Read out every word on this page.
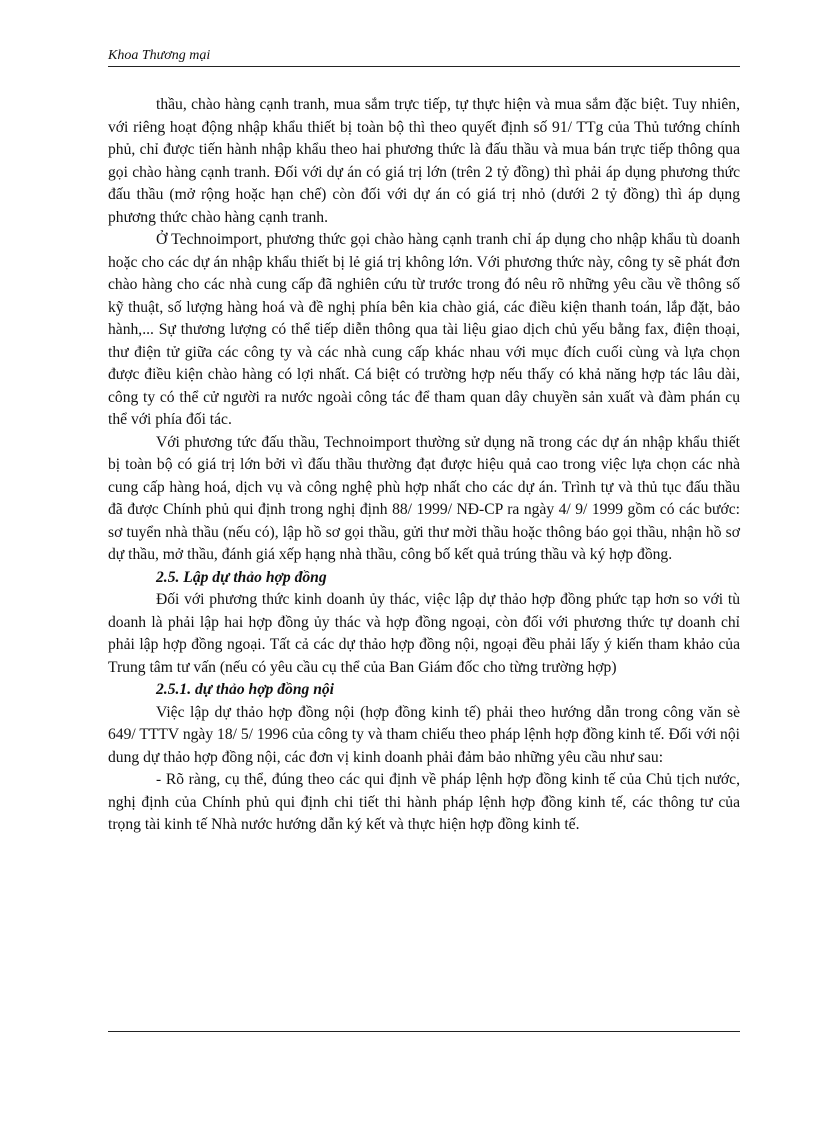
Khoa Thương mại

thầu, chào hàng cạnh tranh, mua sắm trực tiếp, tự thực hiện và mua sắm đặc biệt. Tuy nhiên, với riêng hoạt động nhập khẩu thiết bị toàn bộ thì theo quyết định số 91/ TTg của Thủ tướng chính phủ, chỉ được tiến hành nhập khẩu theo hai phương thức là đấu thầu và mua bán trực tiếp thông qua gọi chào hàng cạnh tranh. Đối với dự án có giá trị lớn (trên 2 tỷ đồng) thì phải áp dụng phương thức đấu thầu (mở rộng hoặc hạn chế) còn đối với dự án có giá trị nhỏ (dưới 2 tỷ đồng) thì áp dụng phương thức chào hàng cạnh tranh.

Ở Technoimport, phương thức gọi chào hàng cạnh tranh chỉ áp dụng cho nhập khẩu tù doanh hoặc cho các dự án nhập khẩu thiết bị lẻ giá trị không lớn. Với phương thức này, công ty sẽ phát đơn chào hàng cho các nhà cung cấp đã nghiên cứu từ trước trong đó nêu rõ những yêu cầu về thông số kỹ thuật, số lượng hàng hoá và đề nghị phía bên kia chào giá, các điều kiện thanh toán, lắp đặt, bảo hành,... Sự thương lượng có thể tiếp diễn thông qua tài liệu giao dịch chủ yếu bằng fax, điện thoại, thư điện tử giữa các công ty và các nhà cung cấp khác nhau với mục đích cuối cùng và lựa chọn được điều kiện chào hàng có lợi nhất. Cá biệt có trường hợp nếu thấy có khả năng hợp tác lâu dài, công ty có thể cử người ra nước ngoài công tác để tham quan dây chuyền sản xuất và đàm phán cụ thể với phía đối tác.

Với phương tức đấu thầu, Technoimport thường sử dụng nã trong các dự án nhập khẩu thiết bị toàn bộ có giá trị lớn bởi vì đấu thầu thường đạt được hiệu quả cao trong việc lựa chọn các nhà cung cấp hàng hoá, dịch vụ và công nghệ phù hợp nhất cho các dự án. Trình tự và thủ tục đấu thầu đã được Chính phủ qui định trong nghị định 88/ 1999/ NĐ-CP ra ngày 4/ 9/ 1999 gồm có các bước: sơ tuyển nhà thầu (nếu có), lập hồ sơ gọi thầu, gửi thư mời thầu hoặc thông báo gọi thầu, nhận hồ sơ dự thầu, mở thầu, đánh giá xếp hạng nhà thầu, công bố kết quả trúng thầu và ký hợp đồng.

2.5. Lập dự thảo hợp đồng

Đối với phương thức kinh doanh ủy thác, việc lập dự thảo hợp đồng phức tạp hơn so với tù doanh là phải lập hai hợp đồng ủy thác và hợp đồng ngoại, còn đối với phương thức tự doanh chỉ phải lập hợp đồng ngoại. Tất cả các dự thảo hợp đồng nội, ngoại đều phải lấy ý kiến tham khảo của Trung tâm tư vấn (nếu có yêu cầu cụ thể của Ban Giám đốc cho từng trường hợp)

2.5.1. dự thảo hợp đồng nội

Việc lập dự thảo hợp đồng nội (hợp đồng kinh tế) phải theo hướng dẫn trong công văn sè 649/ TTTV ngày 18/ 5/ 1996 của công ty và tham chiếu theo pháp lệnh hợp đồng kinh tế. Đối với nội dung dự thảo hợp đồng nội, các đơn vị kinh doanh phải đảm bảo những yêu cầu như sau:

- Rõ ràng, cụ thể, đúng theo các qui định về pháp lệnh hợp đồng kinh tế của Chủ tịch nước, nghị định của Chính phủ qui định chi tiết thi hành pháp lệnh hợp đồng kinh tế, các thông tư của trọng tài kinh tế Nhà nước hướng dẫn ký kết và thực hiện hợp đồng kinh tế.
